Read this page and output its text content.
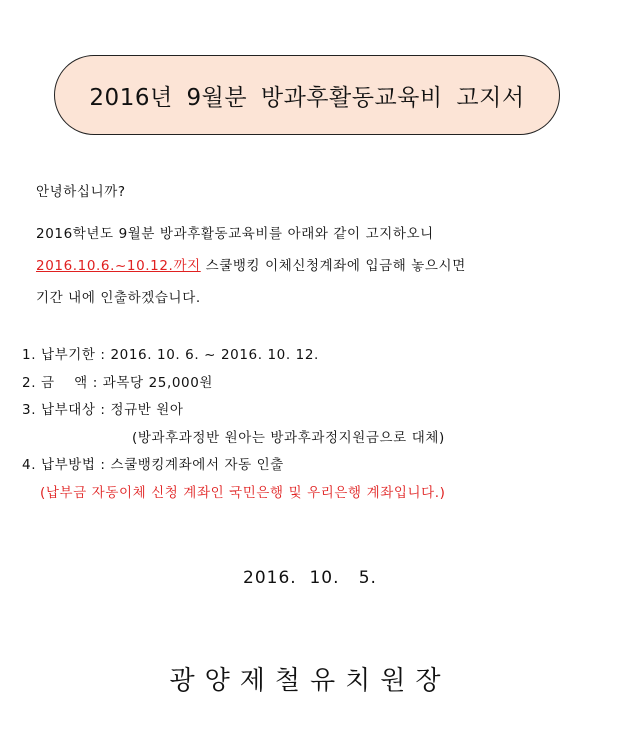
2016년 9월분 방과후활동교육비 고지서
안녕하십니까?
2016학년도 9월분 방과후활동교육비를 아래와 같이 고지하오니
2016.10.6.~10.12.까지 스쿨뱅킹 이체신청계좌에 입금해 놓으시면
기간 내에 인출하겠습니다.
1. 납부기한 : 2016. 10. 6. ~ 2016. 10. 12.
2. 금    액 : 과목당 25,000원
3. 납부대상 : 정규반 원아
(방과후과정반 원아는 방과후과정지원금으로 대체)
4. 납부방법 : 스쿨뱅킹계좌에서 자동 인출
(납부금 자동이체 신청 계좌인 국민은행 및 우리은행 계좌입니다.)
2016.  10.   5.
광양제철유치원장
